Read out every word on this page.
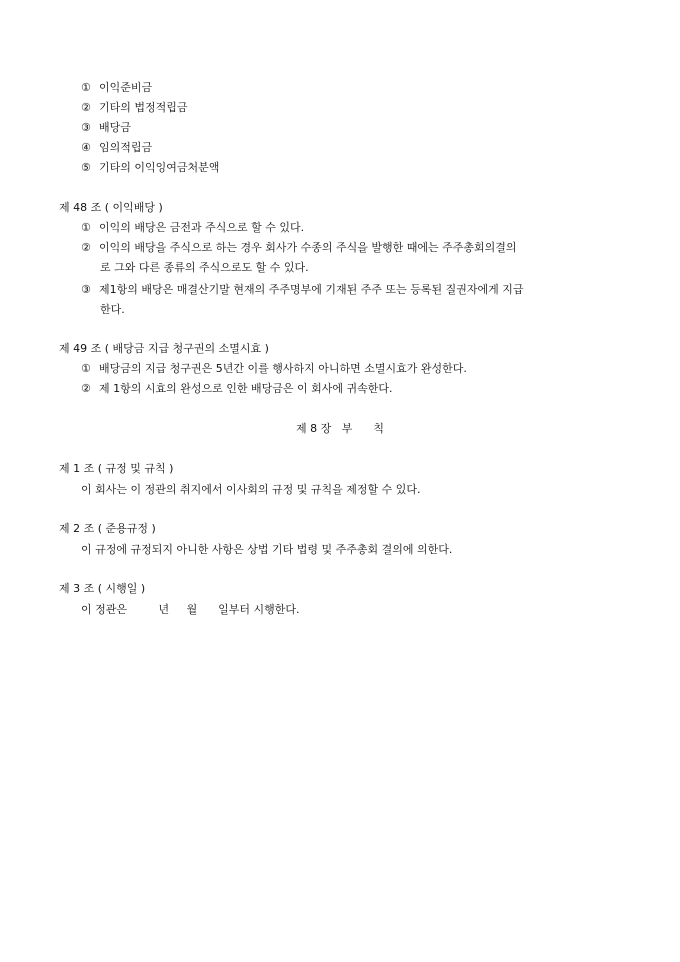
① 이익준비금
② 기타의 법정적립금
③ 배당금
④ 임의적립금
⑤ 기타의 이익잉여금처분액
제 48 조 ( 이익배당 )
① 이익의 배당은 금전과 주식으로 할 수 있다.
② 이익의 배당을 주식으로 하는 경우 회사가 수종의 주식을 발행한 때에는 주주총회의결의
로 그와 다른 종류의 주식으로도 할 수 있다.
③ 제1항의 배당은 매결산기말 현재의 주주명부에 기재된 주주 또는 등록된 질권자에게 지급
한다.
제 49 조 ( 배당금 지급 청구권의 소멸시효 )
① 배당금의 지급 청구권은 5년간 이를 행사하지 아니하면 소멸시효가 완성한다.
② 제 1항의 시효의 완성으로 인한 배당금은 이 회사에 귀속한다.
제 8 장   부      칙
제 1 조 ( 규정 및 규칙 )
이 회사는 이 정관의 취지에서 이사회의 규정 및 규칙을 제정할 수 있다.
제 2 조 ( 준용규정 )
이 규정에 규정되지 아니한 사항은 상법 기타 법령 및 주주총회 결의에 의한다.
제 3 조 ( 시행일 )
이 정관은         년     월      일부터 시행한다.
